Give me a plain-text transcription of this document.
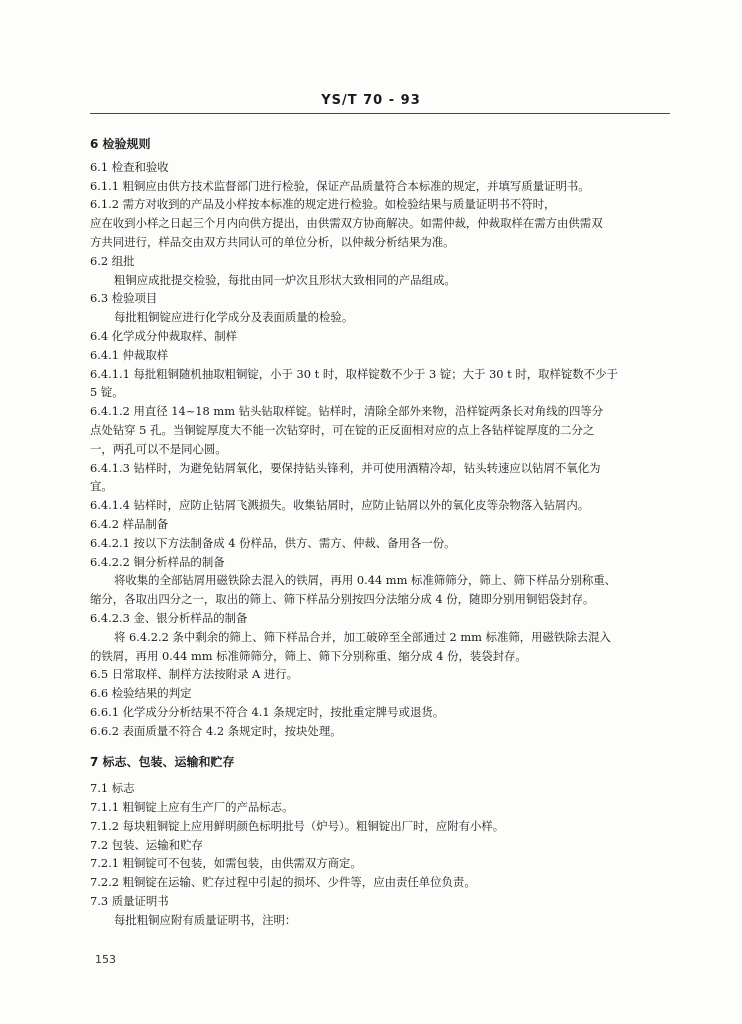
YS/T 70 - 93
6 检验规则
6.1 检查和验收
6.1.1 粗铜应由供方技术监督部门进行检验，保证产品质量符合本标准的规定，并填写质量证明书。
6.1.2 需方对收到的产品及小样按本标准的规定进行检验。如检验结果与质量证明书不符时，
应在收到小样之日起三个月内向供方提出，由供需双方协商解决。如需仲裁，仲裁取样在需方由供需双
方共同进行，样品交由双方共同认可的单位分析，以仲裁分析结果为准。
6.2 组批
粗铜应成批提交检验，每批由同一炉次且形状大致相同的产品组成。
6.3 检验项目
每批粗铜锭应进行化学成分及表面质量的检验。
6.4 化学成分仲裁取样、制样
6.4.1 仲裁取样
6.4.1.1 每批粗铜随机抽取粗铜锭，小于 30 t 时，取样锭数不少于 3 锭；大于 30 t 时，取样锭数不少于
5 锭。
6.4.1.2 用直径 14~18 mm 钻头钻取样锭。钻样时，清除全部外来物，沿样锭两条长对角线的四等分
点处钻穿 5 孔。当铜锭厚度大不能一次钻穿时，可在锭的正反面相对应的点上各钻样锭厚度的二分之
一，两孔可以不是同心圆。
6.4.1.3 钻样时，为避免钻屑氧化，要保持钻头锋利，并可使用酒精冷却，钻头转速应以钻屑不氧化为
宜。
6.4.1.4 钻样时，应防止钻屑飞溅损失。收集钻屑时，应防止钻屑以外的氧化皮等杂物落入钻屑内。
6.4.2 样品制备
6.4.2.1 按以下方法制备成 4 份样品，供方、需方、仲裁、备用各一份。
6.4.2.2 铜分析样品的制备
将收集的全部钻屑用磁铁除去混入的铁屑，再用 0.44 mm 标准筛筛分，筛上、筛下样品分别称重、
缩分，各取出四分之一，取出的筛上、筛下样品分别按四分法缩分成 4 份，随即分别用铜铝袋封存。
6.4.2.3 金、银分析样品的制备
将 6.4.2.2 条中剩余的筛上、筛下样品合并，加工破碎至全部通过 2 mm 标准筛，用磁铁除去混入
的铁屑，再用 0.44 mm 标准筛筛分，筛上、筛下分别称重、缩分成 4 份，装袋封存。
6.5 日常取样、制样方法按附录 A 进行。
6.6 检验结果的判定
6.6.1 化学成分分析结果不符合 4.1 条规定时，按批重定牌号或退货。
6.6.2 表面质量不符合 4.2 条规定时，按块处理。
7 标志、包装、运输和贮存
7.1 标志
7.1.1 粗铜锭上应有生产厂的产品标志。
7.1.2 每块粗铜锭上应用鲜明颜色标明批号（炉号）。粗铜锭出厂时，应附有小样。
7.2 包装、运输和贮存
7.2.1 粗铜锭可不包装，如需包装，由供需双方商定。
7.2.2 粗铜锭在运输、贮存过程中引起的损坏、少件等，应由责任单位负责。
7.3 质量证明书
每批粗铜应附有质量证明书，注明：
153
